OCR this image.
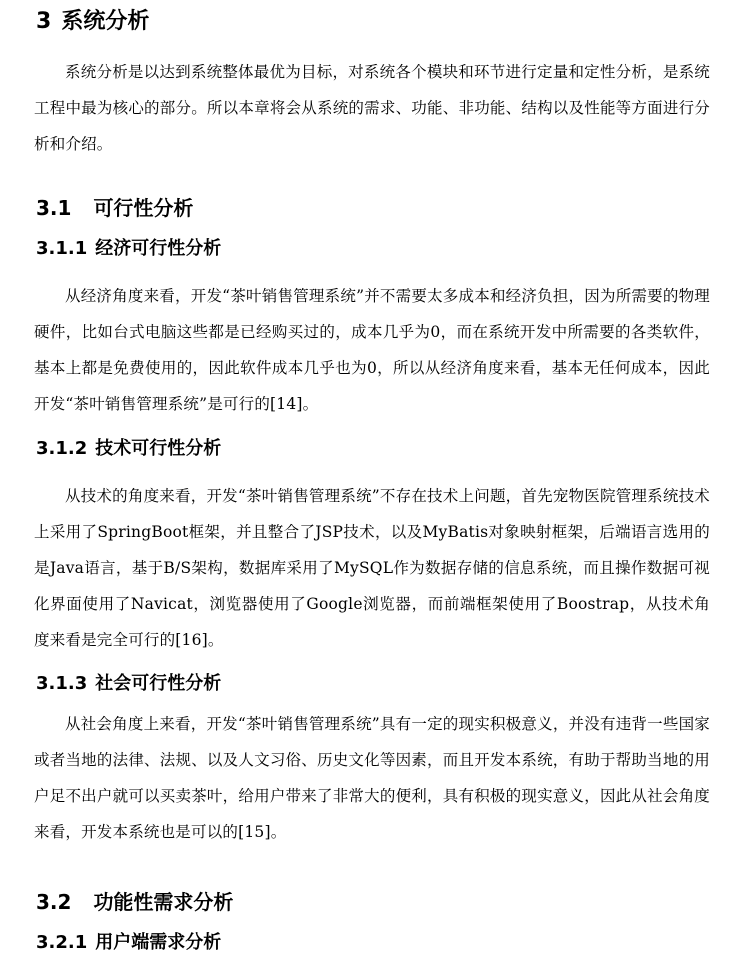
3 系统分析

系统分析是以达到系统整体最优为目标，对系统各个模块和环节进行定量和定性分析，是系统工程中最为核心的部分。所以本章将会从系统的需求、功能、非功能、结构以及性能等方面进行分析和介绍。

3.1 可行性分析
3.1.1 经济可行性分析

从经济角度来看，开发“茶叶销售管理系统”并不需要太多成本和经济负担，因为所需要的物理硬件，比如台式电脑这些都是已经购买过的，成本几乎为0，而在系统开发中所需要的各类软件，基本上都是免费使用的，因此软件成本几乎也为0，所以从经济角度来看，基本无任何成本，因此开发“茶叶销售管理系统”是可行的[14]。

3.1.2 技术可行性分析

从技术的角度来看，开发“茶叶销售管理系统”不存在技术上问题，首先宠物医院管理系统技术上采用了SpringBoot框架，并且整合了JSP技术，以及MyBatis对象映射框架，后端语言选用的是Java语言，基于B/S架构，数据库采用了MySQL作为数据存储的信息系统，而且操作数据可视化界面使用了Navicat，浏览器使用了Google浏览器，而前端框架使用了Boostrap，从技术角度来看是完全可行的[16]。

3.1.3 社会可行性分析

从社会角度上来看，开发“茶叶销售管理系统”具有一定的现实积极意义，并没有违背一些国家或者当地的法律、法规、以及人文习俗、历史文化等因素，而且开发本系统，有助于帮助当地的用户足不出户就可以买卖茶叶，给用户带来了非常大的便利，具有积极的现实意义，因此从社会角度来看，开发本系统也是可以的[15]。

3.2 功能性需求分析
3.2.1 用户端需求分析
